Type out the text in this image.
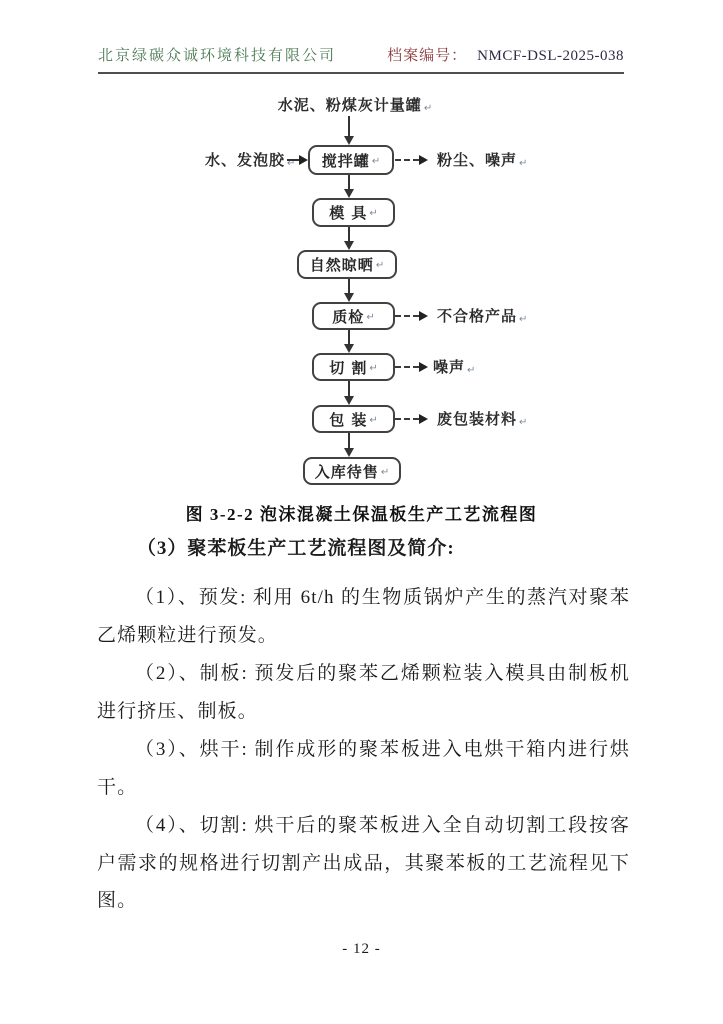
北京绿碳众诚环境科技有限公司	档案编号： NMCF-DSL-2025-038
水泥、粉煤灰计量罐 ↵
搅拌罐 ↵
水、发泡胶 ↵	粉尘、噪声 ↵
模 具 ↵
自然晾晒 ↵
质检 ↵	不合格产品 ↵
切 割 ↵	噪声 ↵
包 装 ↵	废包装材料 ↵
入库待售 ↵
图 3-2-2 泡沫混凝土保温板生产工艺流程图
（3）聚苯板生产工艺流程图及简介:

（1）、预发: 利用 6t/h 的生物质锅炉产生的蒸汽对聚苯乙烯颗粒进行预发。

（2）、制板: 预发后的聚苯乙烯颗粒装入模具由制板机进行挤压、制板。

（3）、烘干: 制作成形的聚苯板进入电烘干箱内进行烘干。

（4）、切割: 烘干后的聚苯板进入全自动切割工段按客户需求的规格进行切割产出成品，其聚苯板的工艺流程见下图。

- 12 -
